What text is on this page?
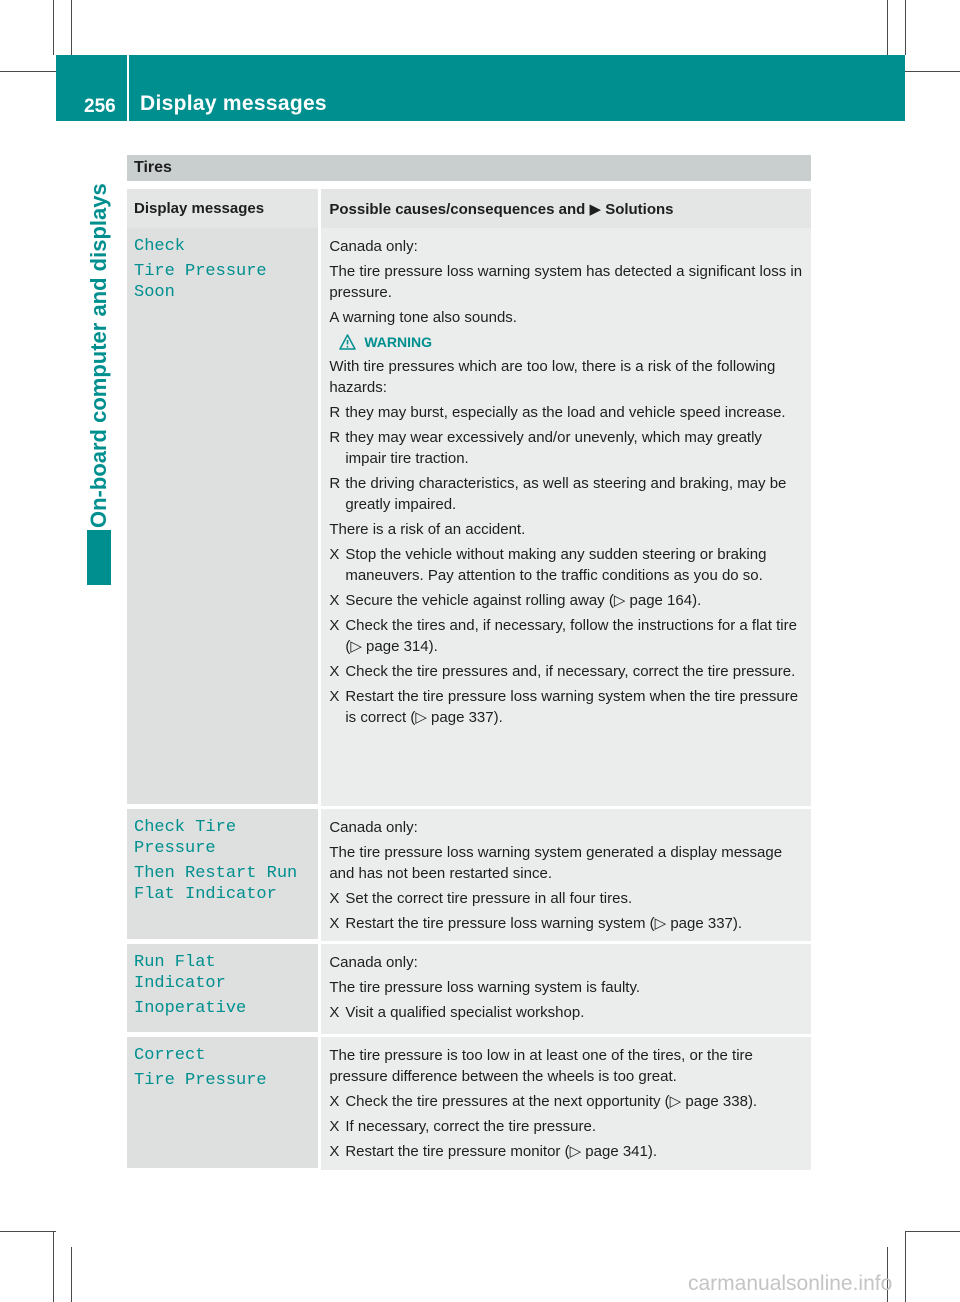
256 Display messages
On-board computer and displays
Tires
Display messages	Possible causes/consequences and ▶ Solutions
Check
Tire Pressure Soon

Canada only:

The tire pressure loss warning system has detected a significant loss in pressure.

A warning tone also sounds.

WARNING

With tire pressures which are too low, there is a risk of the following hazards:

R they may burst, especially as the load and vehicle speed increase.
R they may wear excessively and/or unevenly, which may greatly impair tire traction.
R the driving characteristics, as well as steering and braking, may be greatly impaired.

There is a risk of an accident.

X Stop the vehicle without making any sudden steering or braking maneuvers. Pay attention to the traffic conditions as you do so.
X Secure the vehicle against rolling away (▷ page 164).
X Check the tires and, if necessary, follow the instructions for a flat tire (▷ page 314).
X Check the tire pressures and, if necessary, correct the tire pressure.
X Restart the tire pressure loss warning system when the tire pressure is correct (▷ page 337).
Check Tire Pressure
Then Restart Run
Flat Indicator

Canada only:

The tire pressure loss warning system generated a display message and has not been restarted since.

X Set the correct tire pressure in all four tires.
X Restart the tire pressure loss warning system (▷ page 337).
Run Flat Indicator
Inoperative

Canada only:

The tire pressure loss warning system is faulty.

X Visit a qualified specialist workshop.
Correct
Tire Pressure

The tire pressure is too low in at least one of the tires, or the tire pressure difference between the wheels is too great.

X Check the tire pressures at the next opportunity (▷ page 338).
X If necessary, correct the tire pressure.
X Restart the tire pressure monitor (▷ page 341).
carmanualsonline.info
